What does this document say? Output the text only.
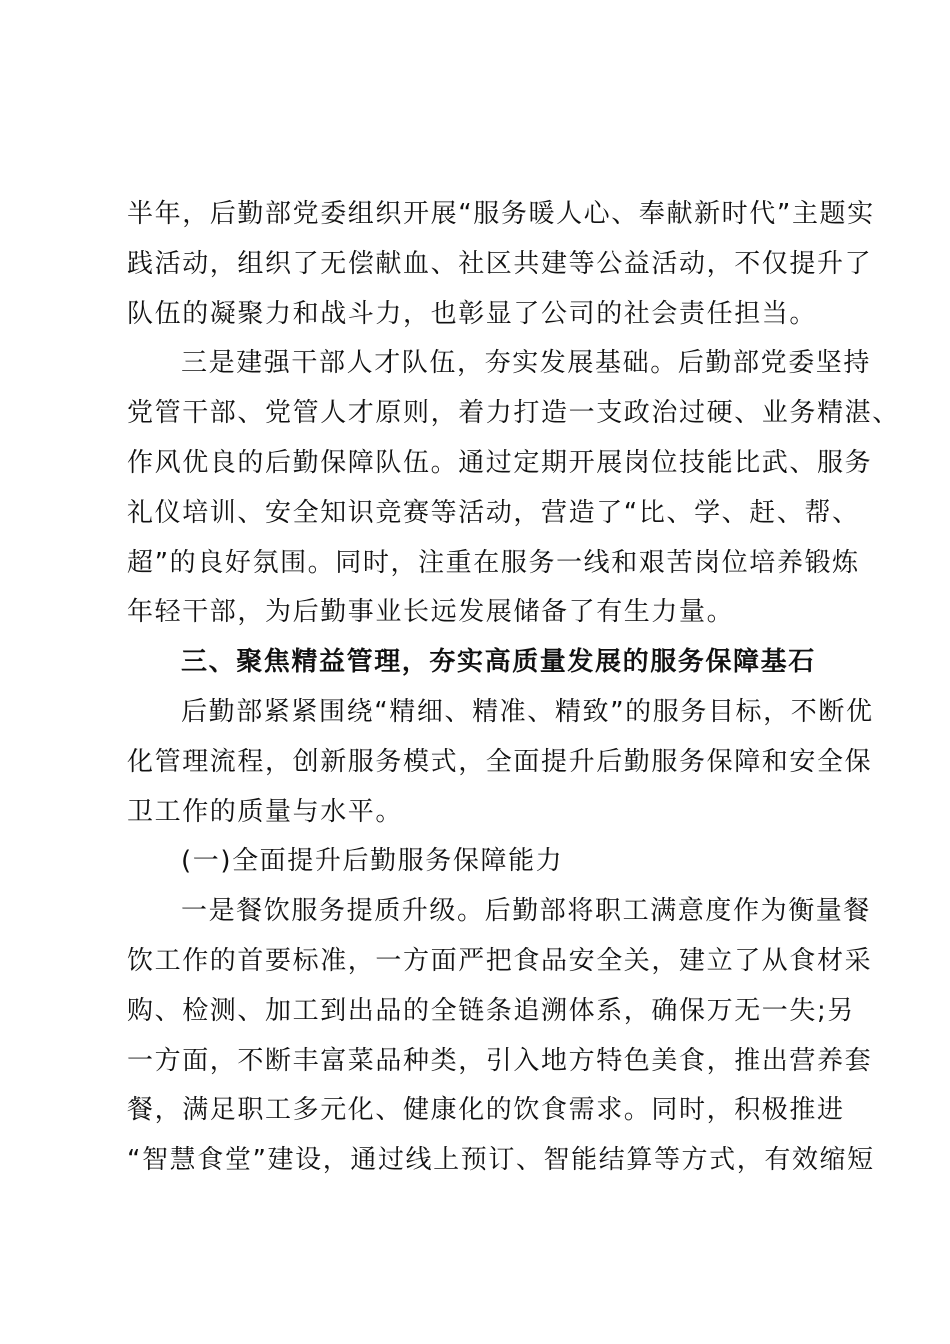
半年，后勤部党委组织开展“服务暖人心、奉献新时代”主题实
践活动，组织了无偿献血、社区共建等公益活动，不仅提升了
队伍的凝聚力和战斗力，也彰显了公司的社会责任担当。
三是建强干部人才队伍，夯实发展基础。后勤部党委坚持
党管干部、党管人才原则，着力打造一支政治过硬、业务精湛、
作风优良的后勤保障队伍。通过定期开展岗位技能比武、服务
礼仪培训、安全知识竞赛等活动，营造了“比、学、赶、帮、
超”的良好氛围。同时，注重在服务一线和艰苦岗位培养锻炼
年轻干部，为后勤事业长远发展储备了有生力量。
三、聚焦精益管理，夯实高质量发展的服务保障基石
后勤部紧紧围绕“精细、精准、精致”的服务目标，不断优
化管理流程，创新服务模式，全面提升后勤服务保障和安全保
卫工作的质量与水平。
(一)全面提升后勤服务保障能力
一是餐饮服务提质升级。后勤部将职工满意度作为衡量餐
饮工作的首要标准，一方面严把食品安全关，建立了从食材采
购、检测、加工到出品的全链条追溯体系，确保万无一失;另
一方面，不断丰富菜品种类，引入地方特色美食，推出营养套
餐，满足职工多元化、健康化的饮食需求。同时，积极推进
“智慧食堂”建设，通过线上预订、智能结算等方式，有效缩短
